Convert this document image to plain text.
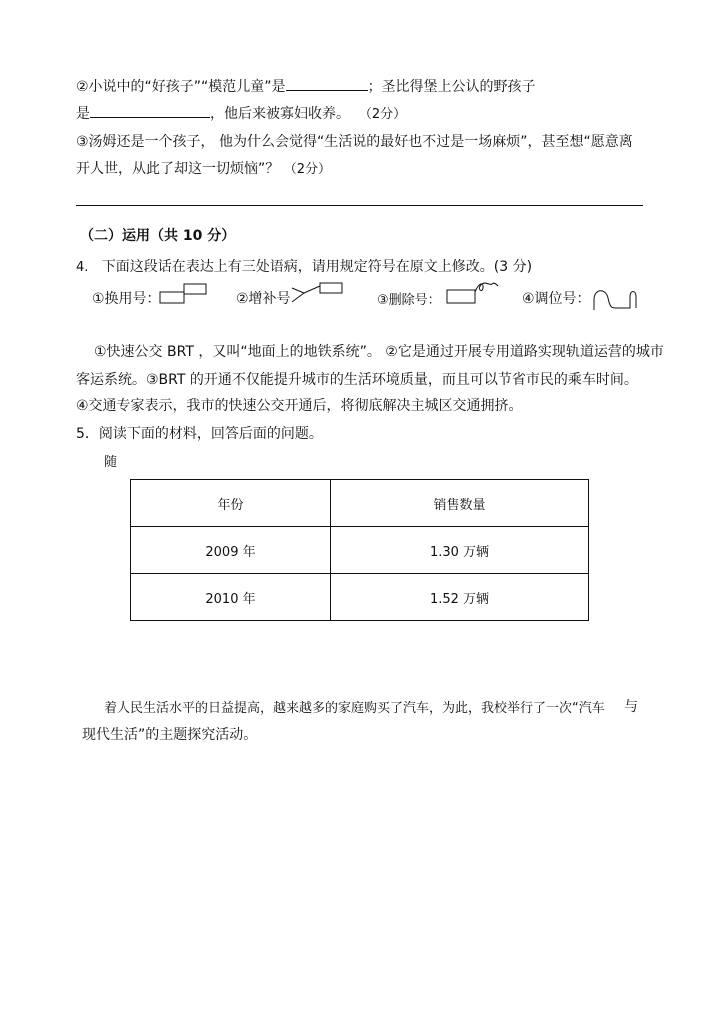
②小说中的“好孩子”“模范儿童”是	；圣比得堡上公认的野孩子
是	，他后来被寡妇收养。 （2分）
③汤姆还是一个孩子， 他为什么会觉得“生活说的最好也不过是一场麻烦”，甚至想“愿意离
开人世，从此了却这一切烦恼”？ （2分）
（二）运用（共 10 分）
4. 下面这段话在表达上有三处语病，请用规定符号在原文上修改。(3 分)
①换用号：	②增补号	③删除号：	④调位号：
①快速公交 BRT ，又叫“地面上的地铁系统”。 ②它是通过开展专用道路实现轨道运营的城市
客运系统。③BRT 的开通不仅能提升城市的生活环境质量，而且可以节省市民的乘车时间。
④交通专家表示，我市的快速公交开通后，将彻底解决主城区交通拥挤。
5．阅读下面的材料，回答后面的问题。
随
年份	销售数量
2009 年	1.30 万辆
2010 年	1.52 万辆
着人民生活水平的日益提高，越来越多的家庭购买了汽车，为此，我校举行了一次“汽车 与
现代生活”的主题探究活动。
